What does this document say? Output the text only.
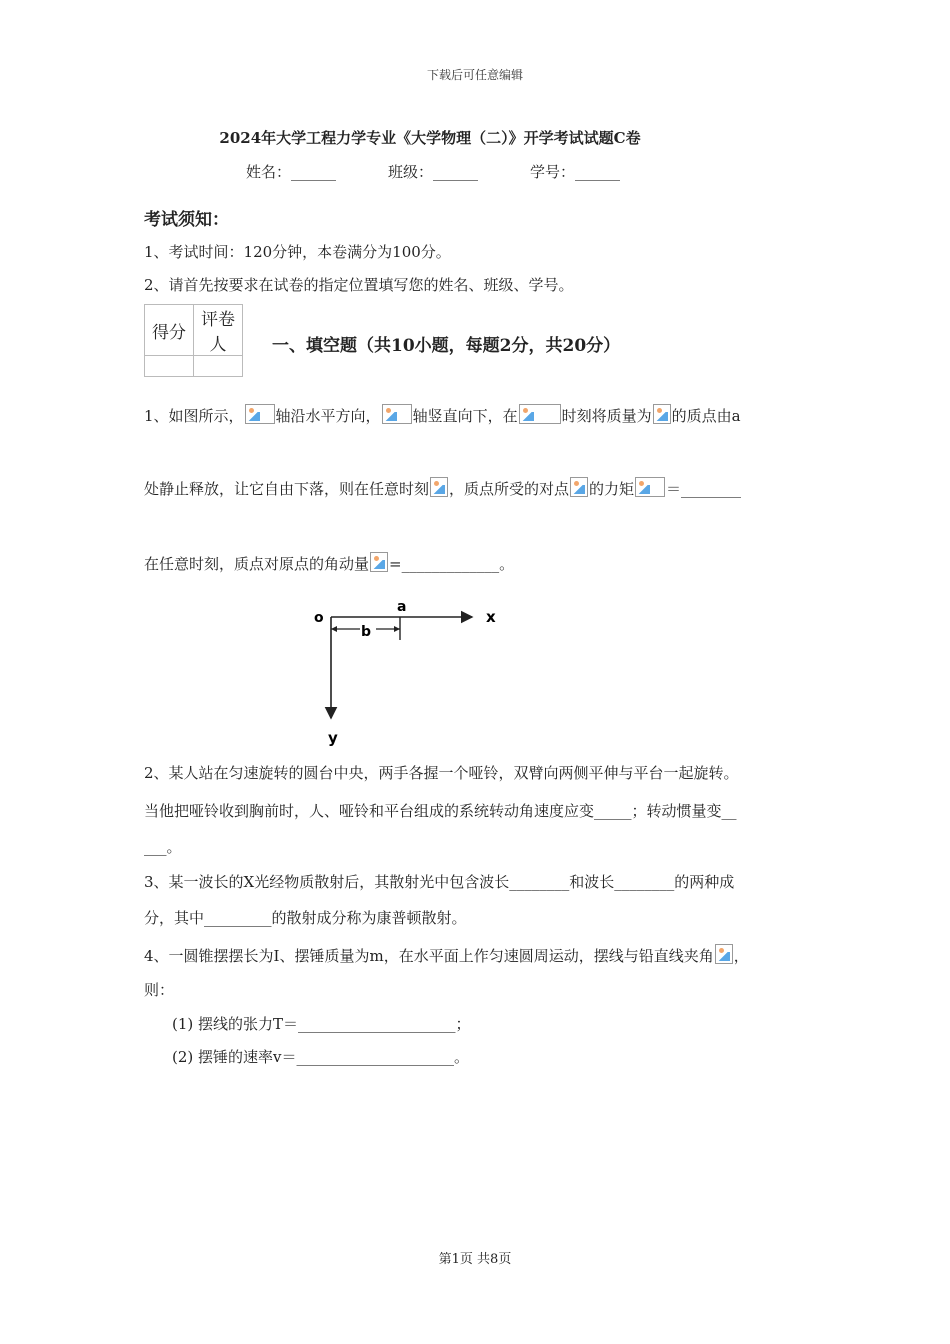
下载后可任意编辑
2024年大学工程力学专业《大学物理（二）》开学考试试题C卷
姓名：______	班级：______	学号：______
考试须知：
1、考试时间：120分钟，本卷满分为100分。
2、请首先按要求在试卷的指定位置填写您的姓名、班级、学号。
得分	评卷人
		一、填空题（共10小题，每题2分，共20分）
1、如图所示， 轴沿水平方向， 轴竖直向下，在	时刻将质量为 的质点由a
处静止释放，让它自由下落，则在任意时刻 ，质点所受的对点 的力矩 ＝________
在任意时刻，质点对原点的角动量 =_____________。
o
a
x
b
y
2、某人站在匀速旋转的圆台中央，两手各握一个哑铃，双臂向两侧平伸与平台一起旋转。
当他把哑铃收到胸前时，人、哑铃和平台组成的系统转动角速度应变_____；转动惯量变__
___。
3、某一波长的X光经物质散射后，其散射光中包含波长________和波长________的两种成
分，其中_________的散射成分称为康普顿散射。
4、一圆锥摆摆长为I、摆锤质量为m，在水平面上作匀速圆周运动，摆线与铅直线夹角 ，
则：
(1) 摆线的张力T＝_____________________；
(2) 摆锤的速率v＝_____________________。
第1页 共8页
